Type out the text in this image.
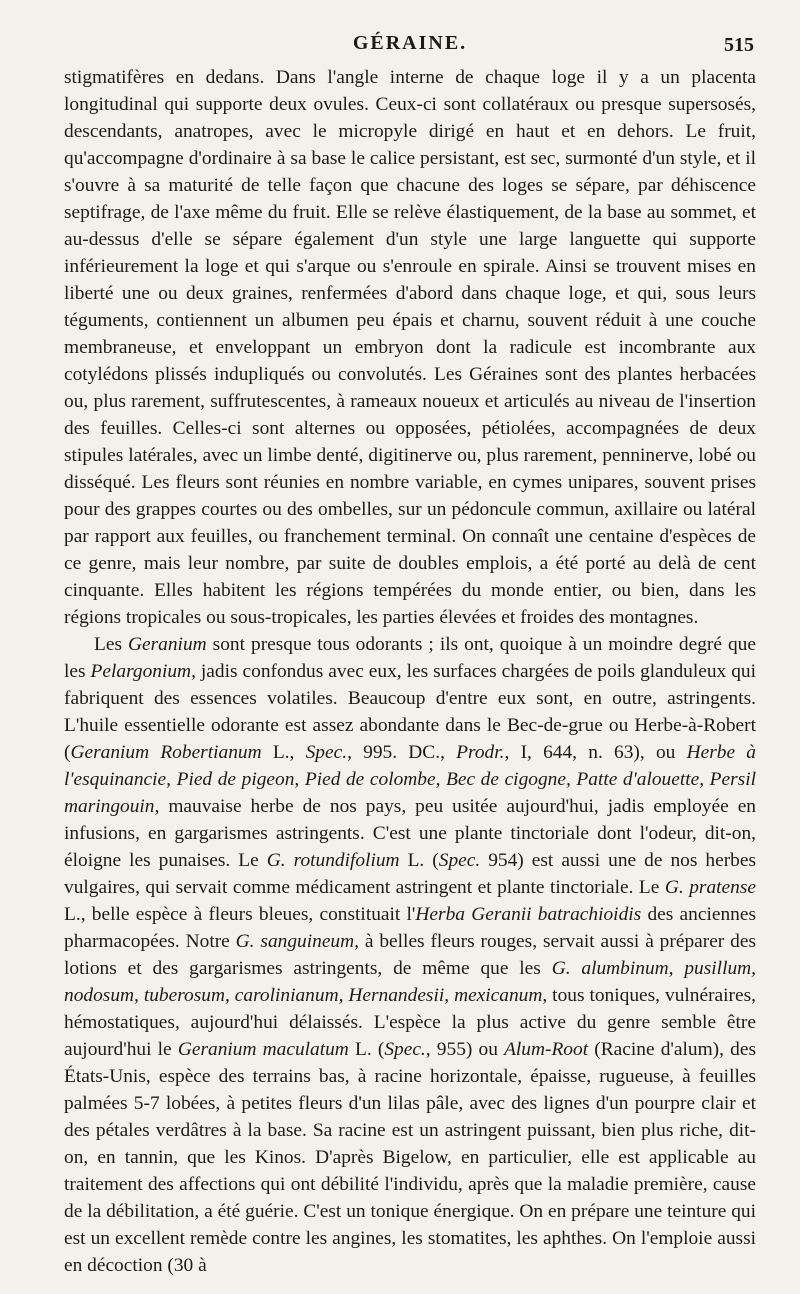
GÉRAINE.	515

stigmatifères en dedans. Dans l'angle interne de chaque loge il y a un placenta longitudinal qui supporte deux ovules. Ceux-ci sont collatéraux ou presque supersosés, descendants, anatropes, avec le micropyle dirigé en haut et en dehors. Le fruit, qu'accompagne d'ordinaire à sa base le calice persistant, est sec, surmonté d'un style, et il s'ouvre à sa maturité de telle façon que chacune des loges se sépare, par déhiscence septifrage, de l'axe même du fruit. Elle se relève élastiquement, de la base au sommet, et au-dessus d'elle se sépare également d'un style une large languette qui supporte inférieurement la loge et qui s'arque ou s'enroule en spirale. Ainsi se trouvent mises en liberté une ou deux graines, renfermées d'abord dans chaque loge, et qui, sous leurs téguments, contiennent un albumen peu épais et charnu, souvent réduit à une couche membraneuse, et enveloppant un embryon dont la radicule est incombrante aux cotylédons plissés indupliqués ou convolutés. Les Géraines sont des plantes herbacées ou, plus rarement, suffrutescentes, à rameaux noueux et articulés au niveau de l'insertion des feuilles. Celles-ci sont alternes ou opposées, pétiolées, accompagnées de deux stipules latérales, avec un limbe denté, digitinerve ou, plus rarement, penninerve, lobé ou disséqué. Les fleurs sont réunies en nombre variable, en cymes unipares, souvent prises pour des grappes courtes ou des ombelles, sur un pédoncule commun, axillaire ou latéral par rapport aux feuilles, ou franchement terminal. On connaît une centaine d'espèces de ce genre, mais leur nombre, par suite de doubles emplois, a été porté au delà de cent cinquante. Elles habitent les régions tempérées du monde entier, ou bien, dans les régions tropicales ou sous-tropicales, les parties élevées et froides des montagnes.

Les Geranium sont presque tous odorants ; ils ont, quoique à un moindre degré que les Pelargonium, jadis confondus avec eux, les surfaces chargées de poils glanduleux qui fabriquent des essences volatiles. Beaucoup d'entre eux sont, en outre, astringents. L'huile essentielle odorante est assez abondante dans le Bec-de-grue ou Herbe-à-Robert (Geranium Robertianum L., Spec., 995. DC., Prodr., I, 644, n. 63), ou Herbe à l'esquinancie, Pied de pigeon, Pied de colombe, Bec de cigogne, Patte d'alouette, Persil maringouin, mauvaise herbe de nos pays, peu usitée aujourd'hui, jadis employée en infusions, en gargarismes astringents. C'est une plante tinctoriale dont l'odeur, dit-on, éloigne les punaises. Le G. rotundifolium L. (Spec. 954) est aussi une de nos herbes vulgaires, qui servait comme médicament astringent et plante tinctoriale. Le G. pratense L., belle espèce à fleurs bleues, constituait l'Herba Geranii batrachioidis des anciennes pharmacopées. Notre G. sanguineum, à belles fleurs rouges, servait aussi à préparer des lotions et des gargarismes astringents, de même que les G. alumbinum, pusillum, nodosum, tuberosum, carolinianum, Hernandesii, mexicanum, tous toniques, vulnéraires, hémostatiques, aujourd'hui délaissés. L'espèce la plus active du genre semble être aujourd'hui le Geranium maculatum L. (Spec., 955) ou Alum-Root (Racine d'alum), des États-Unis, espèce des terrains bas, à racine horizontale, épaisse, rugueuse, à feuilles palmées 5-7 lobées, à petites fleurs d'un lilas pâle, avec des lignes d'un pourpre clair et des pétales verdâtres à la base. Sa racine est un astringent puissant, bien plus riche, dit-on, en tannin, que les Kinos. D'après Bigelow, en particulier, elle est applicable au traitement des affections qui ont débilité l'individu, après que la maladie première, cause de la débilitation, a été guérie. C'est un tonique énergique. On en prépare une teinture qui est un excellent remède contre les angines, les stomatites, les aphthes. On l'emploie aussi en décoction (30 à
